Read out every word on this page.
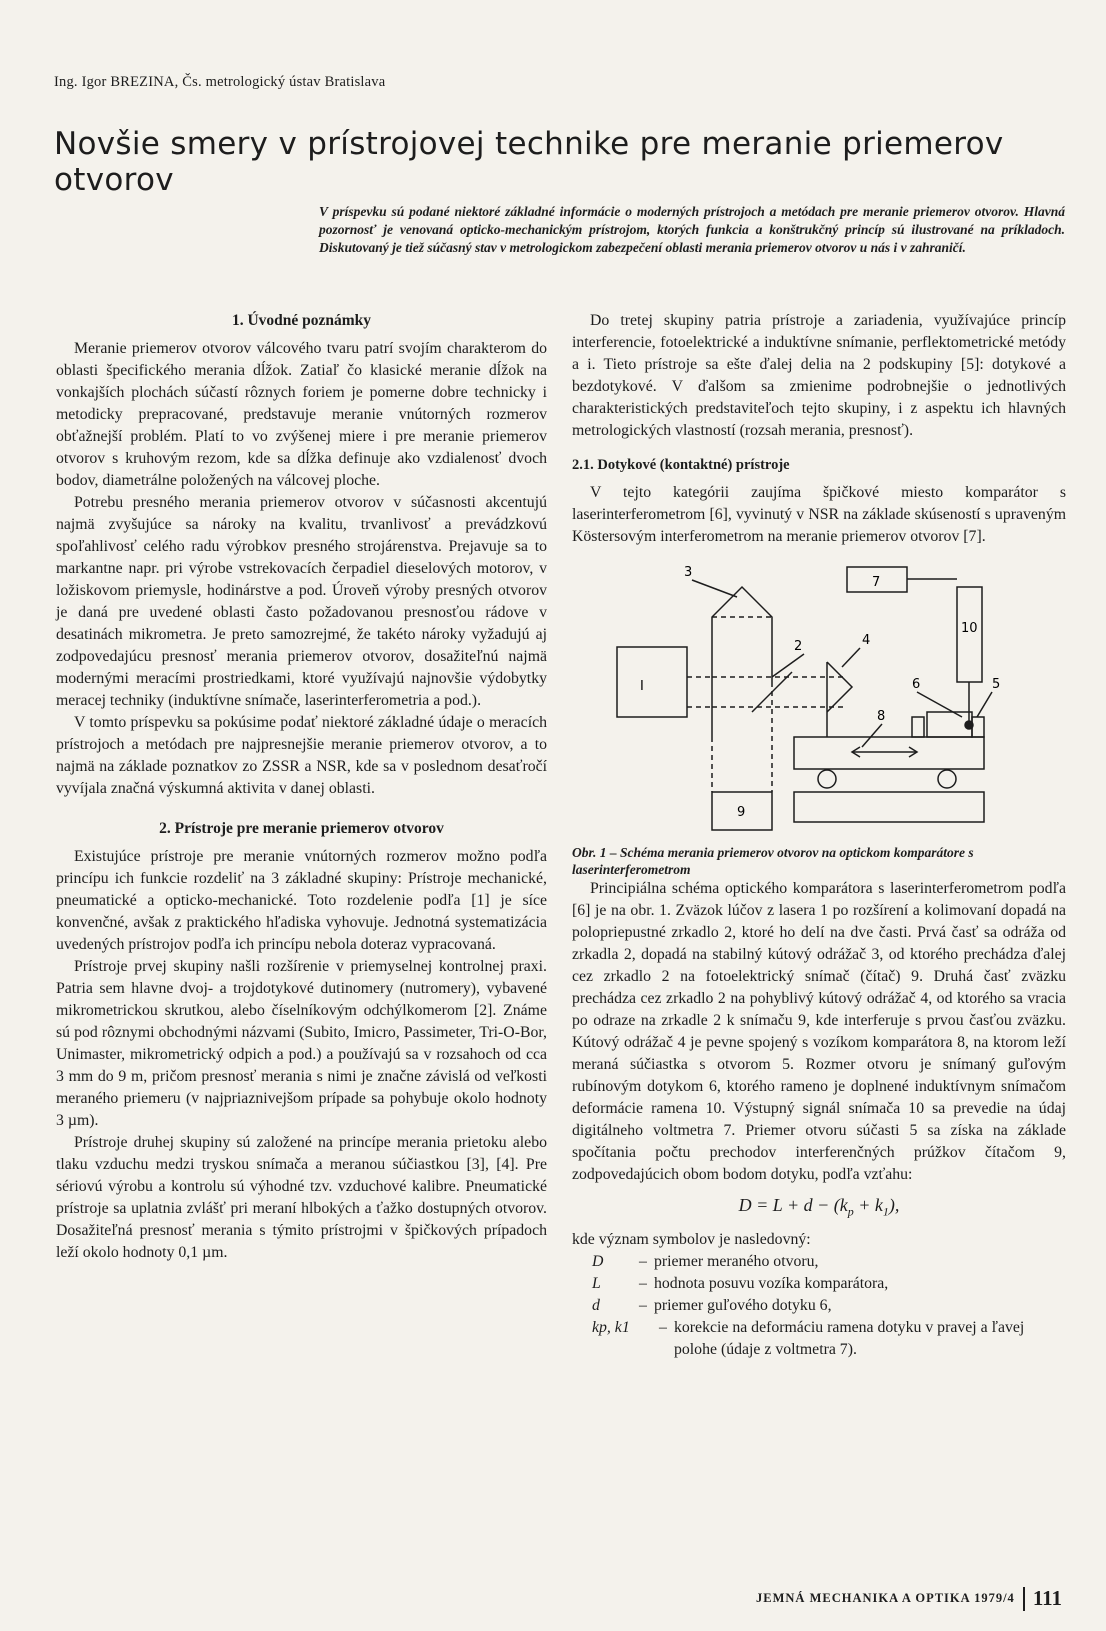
Ing. Igor BREZINA, Čs. metrologický ústav Bratislava
Novšie smery v prístrojovej technike pre meranie priemerov otvorov

V príspevku sú podané niektoré základné informácie o moderných prístrojoch a metódach pre meranie priemerov otvorov. Hlavná pozornosť je venovaná opticko-mechanickým prístrojom, ktorých funkcia a konštrukčný princíp sú ilustrované na príkladoch. Diskutovaný je tiež súčasný stav v metrologickom zabezpečení oblasti merania priemerov otvorov u nás i v zahraničí.

1. Úvodné poznámky

Meranie priemerov otvorov válcového tvaru patrí svojím charakterom do oblasti špecifického merania dĺžok. Zatiaľ čo klasické meranie dĺžok na vonkajších plochách súčastí rôznych foriem je pomerne dobre technicky i metodicky prepracované, predstavuje meranie vnútorných rozmerov obťažnejší problém. Platí to vo zvýšenej miere i pre meranie priemerov otvorov s kruhovým rezom, kde sa dĺžka definuje ako vzdialenosť dvoch bodov, diametrálne položených na válcovej ploche.

Potrebu presného merania priemerov otvorov v súčasnosti akcentujú najmä zvyšujúce sa nároky na kvalitu, trvanlivosť a prevádzkovú spoľahlivosť celého radu výrobkov presného strojárenstva. Prejavuje sa to markantne napr. pri výrobe vstrekovacích čerpadiel dieselových motorov, v ložiskovom priemysle, hodinárstve a pod. Úroveň výroby presných otvorov je daná pre uvedené oblasti často požadovanou presnosťou rádove v desatinách mikrometra. Je preto samozrejmé, že takéto nároky vyžadujú aj zodpovedajúcu presnosť merania priemerov otvorov, dosažiteľnú najmä modernými meracími prostriedkami, ktoré využívajú najnovšie výdobytky meracej techniky (induktívne snímače, laserinterferometria a pod.).

V tomto príspevku sa pokúsime podať niektoré základné údaje o meracích prístrojoch a metódach pre najpresnejšie meranie priemerov otvorov, a to najmä na základe poznatkov zo ZSSR a NSR, kde sa v poslednom desaťročí vyvíjala značná výskumná aktivita v danej oblasti.

2. Prístroje pre meranie priemerov otvorov

Existujúce prístroje pre meranie vnútorných rozmerov možno podľa princípu ich funkcie rozdeliť na 3 základné skupiny: Prístroje mechanické, pneumatické a opticko-mechanické. Toto rozdelenie podľa [1] je síce konvenčné, avšak z praktického hľadiska vyhovuje. Jednotná systematizácia uvedených prístrojov podľa ich princípu nebola doteraz vypracovaná.

Prístroje prvej skupiny našli rozšírenie v priemyselnej kontrolnej praxi. Patria sem hlavne dvoj- a trojdotykové dutinomery (nutromery), vybavené mikrometrickou skrutkou, alebo číselníkovým odchýlkomerom [2]. Známe sú pod rôznymi obchodnými názvami (Subito, Imicro, Passimeter, Tri-O-Bor, Unimaster, mikrometrický odpich a pod.) a používajú sa v rozsahoch od cca 3 mm do 9 m, pričom presnosť merania s nimi je značne závislá od veľkosti meraného priemeru (v najpriaznivejšom prípade sa pohybuje okolo hodnoty 3 µm).

Prístroje druhej skupiny sú založené na princípe merania prietoku alebo tlaku vzduchu medzi tryskou snímača a meranou súčiastkou [3], [4]. Pre sériovú výrobu a kontrolu sú výhodné tzv. vzduchové kalibre. Pneumatické prístroje sa uplatnia zvlášť pri meraní hlbokých a ťažko dostupných otvorov. Dosažiteľná presnosť merania s týmito prístrojmi v špičkových prípadoch leží okolo hodnoty 0,1 µm.

Do tretej skupiny patria prístroje a zariadenia, využívajúce princíp interferencie, fotoelektrické a induktívne snímanie, perflektometrické metódy a i. Tieto prístroje sa ešte ďalej delia na 2 podskupiny [5]: dotykové a bezdotykové. V ďalšom sa zmienime podrobnejšie o jednotlivých charakteristických predstaviteľoch tejto skupiny, i z aspektu ich hlavných metrologických vlastností (rozsah merania, presnosť).

2.1. Dotykové (kontaktné) prístroje

V tejto kategórii zaujíma špičkové miesto komparátor s laserinterferometrom [6], vyvinutý v NSR na základe skúseností s upraveným Köstersovým interferometrom na meranie priemerov otvorov [7].

I
2
3
4
5
6
7
8
9
10
Obr. 1 – Schéma merania priemerov otvorov na optickom komparátore s laserinterferometrom

Principiálna schéma optického komparátora s laserinterferometrom podľa [6] je na obr. 1. Zväzok lúčov z lasera 1 po rozšírení a kolimovaní dopadá na polopriepustné zrkadlo 2, ktoré ho delí na dve časti. Prvá časť sa odráža od zrkadla 2, dopadá na stabilný kútový odrážač 3, od ktorého prechádza ďalej cez zrkadlo 2 na fotoelektrický snímač (čítač) 9. Druhá časť zväzku prechádza cez zrkadlo 2 na pohyblivý kútový odrážač 4, od ktorého sa vracia po odraze na zrkadle 2 k snímaču 9, kde interferuje s prvou časťou zväzku. Kútový odrážač 4 je pevne spojený s vozíkom komparátora 8, na ktorom leží meraná súčiastka s otvorom 5. Rozmer otvoru je snímaný guľovým rubínovým dotykom 6, ktorého rameno je doplnené induktívnym snímačom deformácie ramena 10. Výstupný signál snímača 10 sa prevedie na údaj digitálneho voltmetra 7. Priemer otvoru súčasti 5 sa získa na základe spočítania počtu prechodov interferenčných prúžkov čítačom 9, zodpovedajúcich obom bodom dotyku, podľa vzťahu:

$D = L + d - (k_p + k_1)$,

kde význam symbolov je nasledovný:

D	– priemer meraného otvoru,
L	– hodnota posuvu vozíka komparátora,
d	– priemer guľového dotyku 6,
kp, k1	– korekcie na deformáciu ramena dotyku v pravej a ľavej polohe (údaje z voltmetra 7).
JEMNÁ MECHANIKA A OPTIKA 1979/4 111
